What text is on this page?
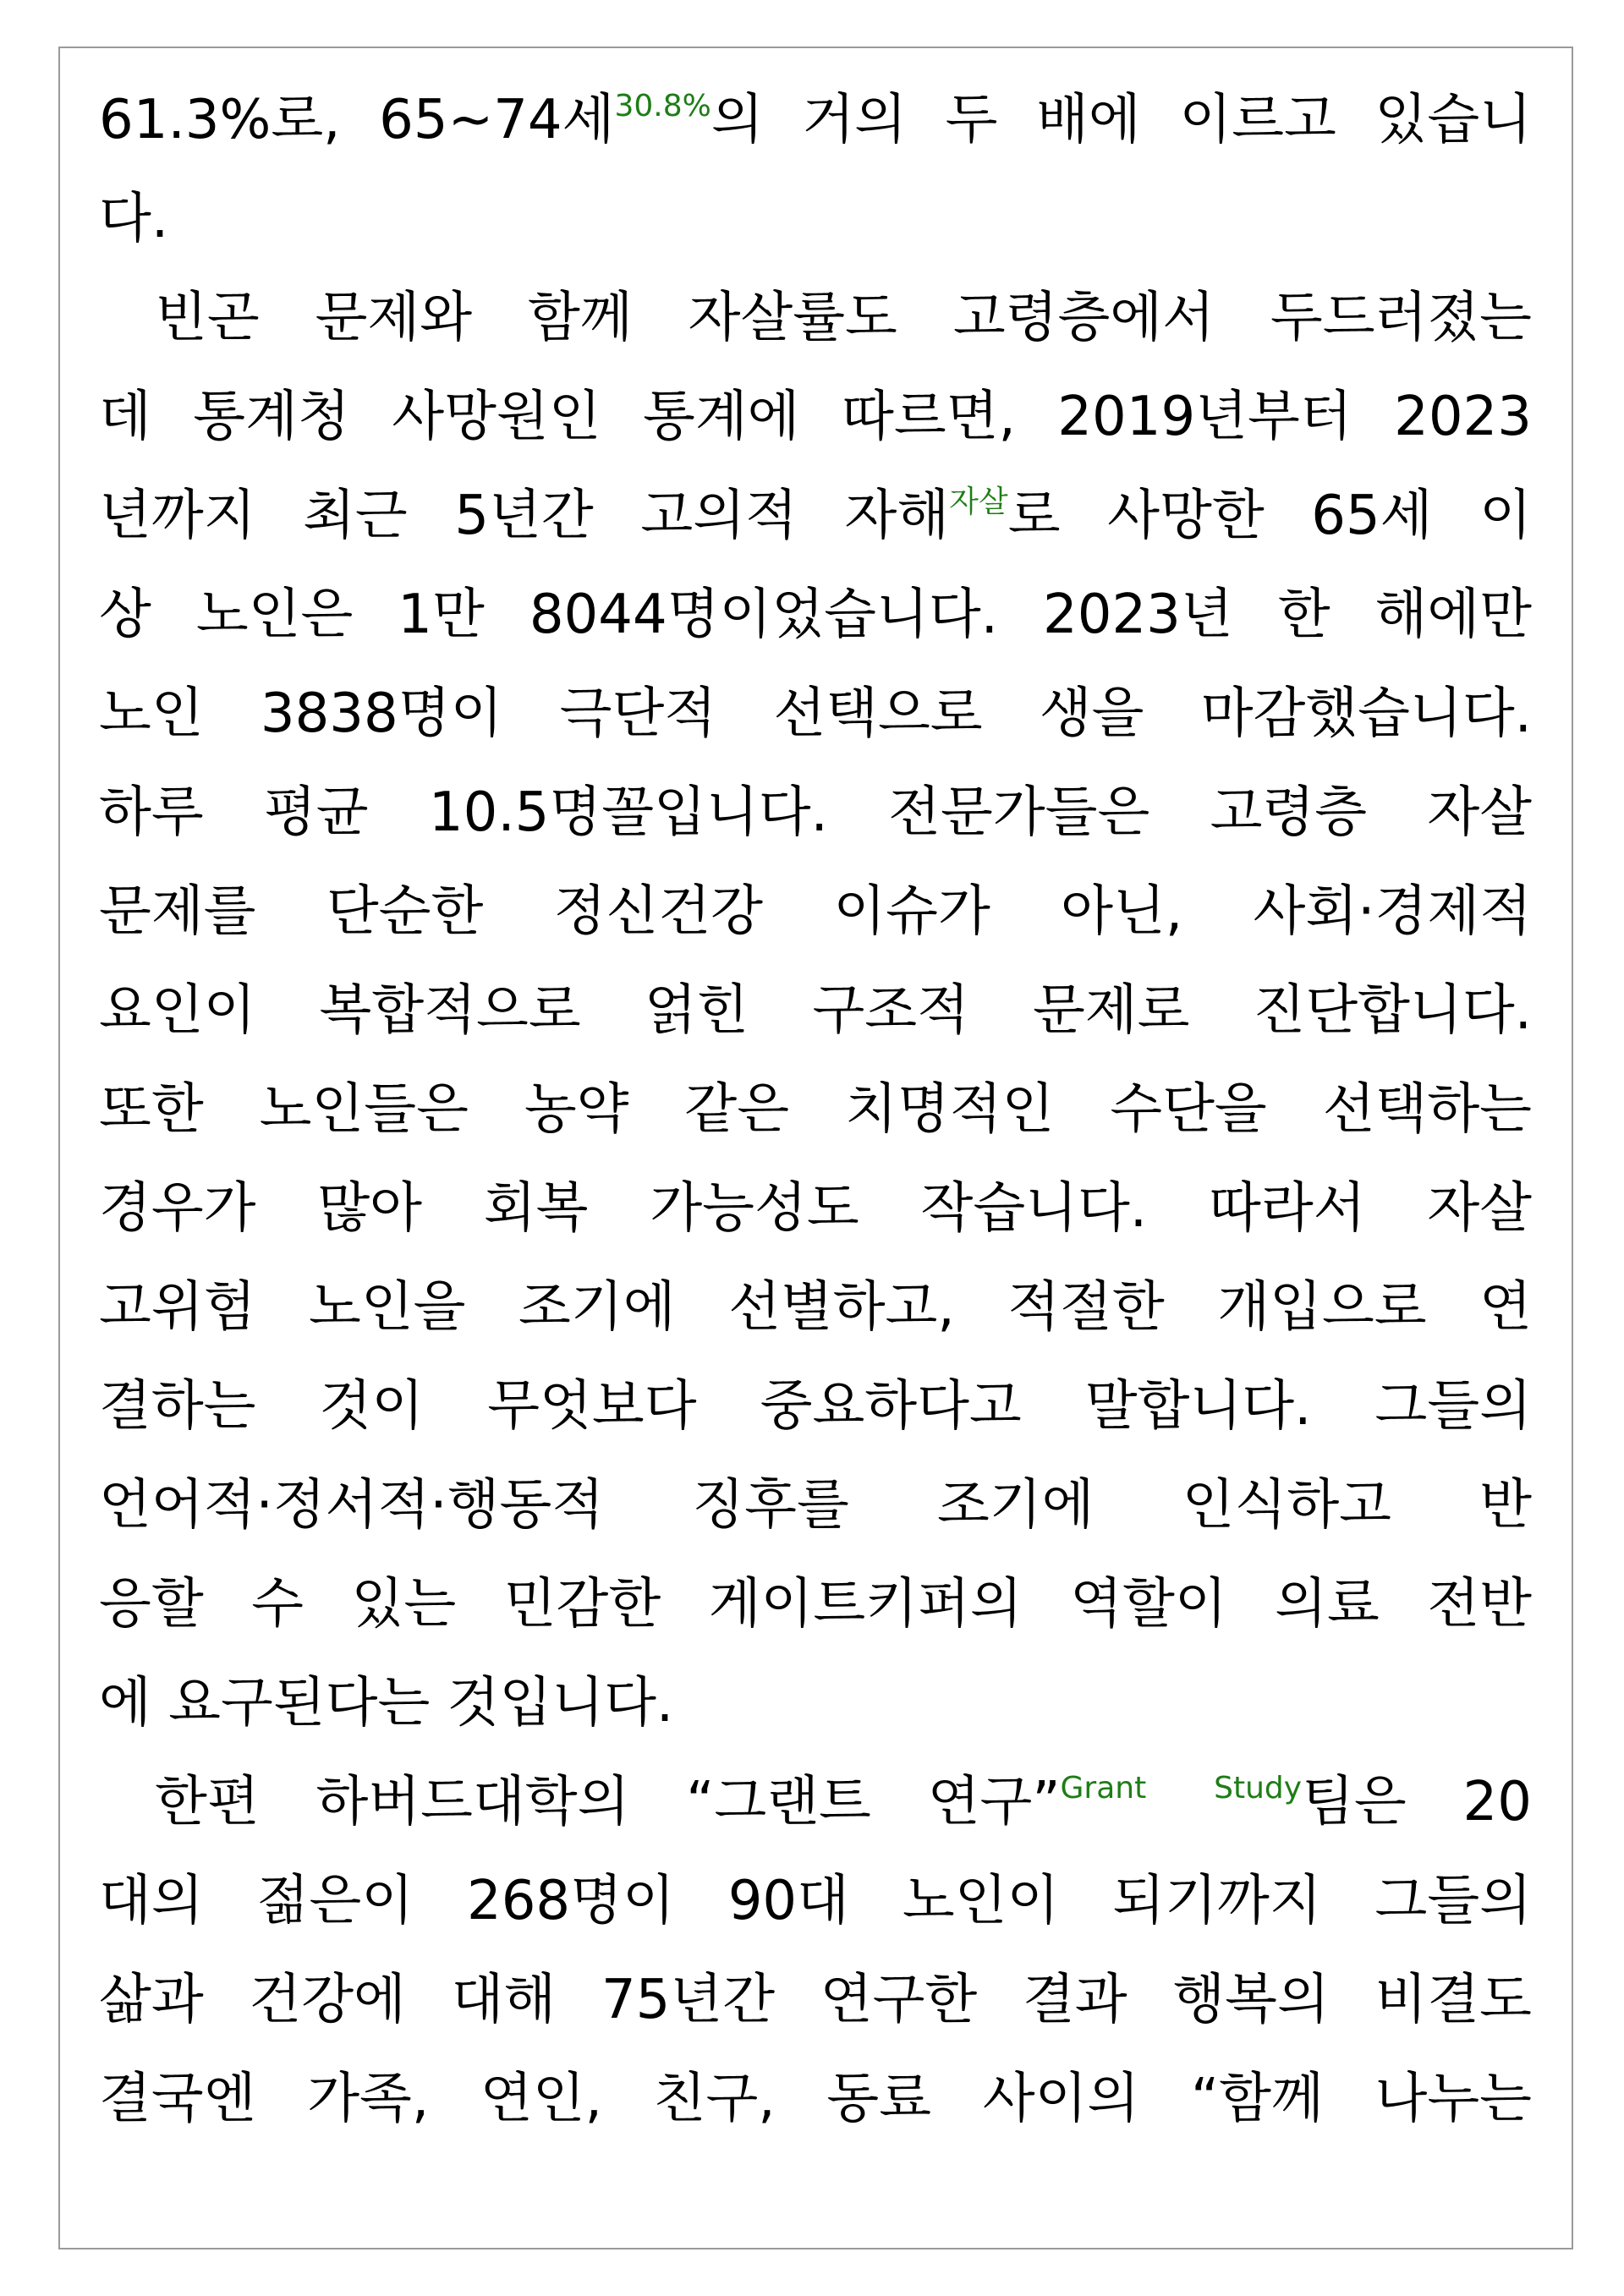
61.3%로, 65~74세$^{30.8\%}$의 거의 두 배에 이르고 있습니
다.
빈곤 문제와 함께 자살률도 고령층에서 두드러졌는
데 통계청 사망원인 통계에 따르면, 2019년부터 2023
년까지 최근 5년간 고의적 자해$^{자살}$로 사망한 65세 이
상 노인은 1만 8044명이었습니다. 2023년 한 해에만
노인 3838명이 극단적 선택으로 생을 마감했습니다.
하루 평균 10.5명꼴입니다. 전문가들은 고령층 자살
문제를 단순한 정신건강 이슈가 아닌, 사회·경제적
요인이 복합적으로 얽힌 구조적 문제로 진단합니다.
또한 노인들은 농약 같은 치명적인 수단을 선택하는
경우가 많아 회복 가능성도 작습니다. 따라서 자살
고위험 노인을 조기에 선별하고, 적절한 개입으로 연
결하는 것이 무엇보다 중요하다고 말합니다. 그들의
언어적·정서적·행동적 징후를 조기에 인식하고 반
응할 수 있는 민감한 게이트키퍼의 역할이 의료 전반
에 요구된다는 것입니다.
한편 하버드대학의 “그랜트 연구”$^{Grant Study}$팀은 20
대의 젊은이 268명이 90대 노인이 되기까지 그들의
삶과 건강에 대해 75년간 연구한 결과 행복의 비결도
결국엔 가족, 연인, 친구, 동료 사이의 “함께 나누는
